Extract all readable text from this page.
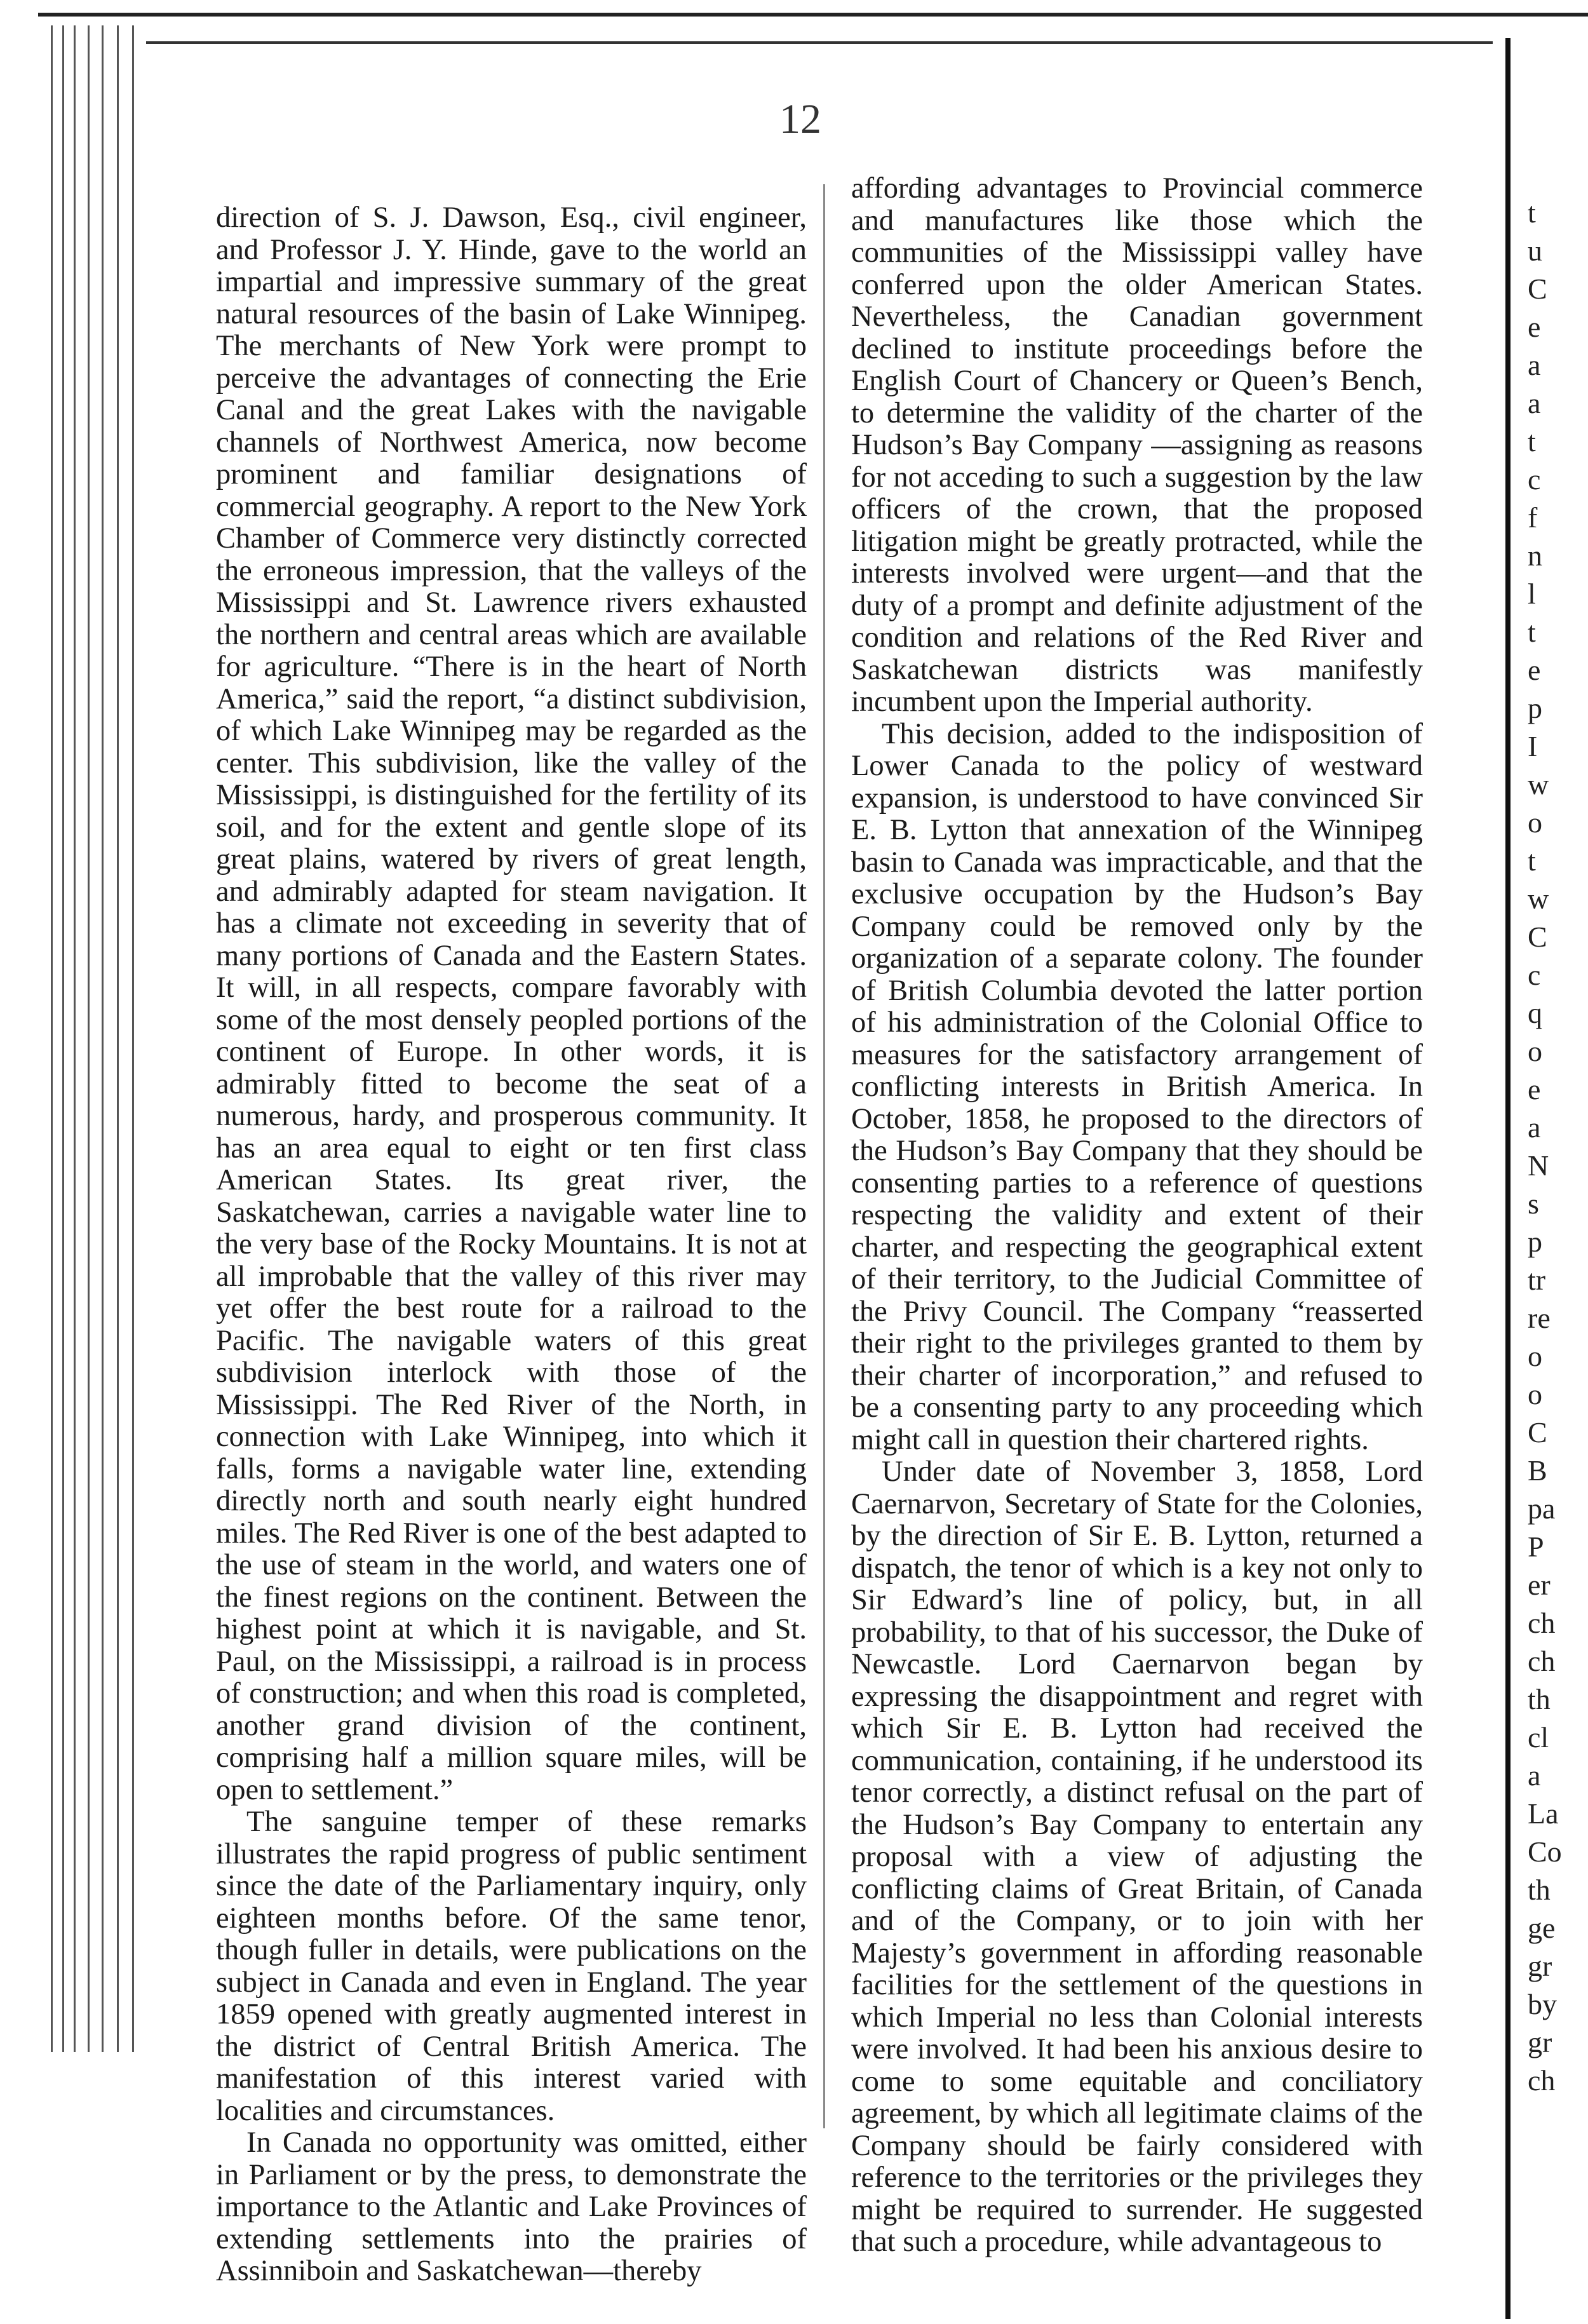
t
u
C
e
a
a
t
c
f
n
l
t
e
p
I
w
o
t
w
C
c
q
o
e
a
N
s
p
tr
re
o
o
C
B
pa
P
er
ch
ch
th
cl
a
La
Co
th
ge
gr
by
gr
ch
12

direction of S. J. Dawson, Esq., civil engineer, and Professor J. Y. Hinde, gave to the world an impartial and impressive summary of the great natural resources of the basin of Lake Winnipeg. The merchants of New York were prompt to perceive the advantages of connecting the Erie Canal and the great Lakes with the navigable channels of Northwest America, now become prominent and familiar designations of commercial geography. A report to the New York Chamber of Commerce very distinctly corrected the erroneous impression, that the valleys of the Mississippi and St. Lawrence rivers exhausted the northern and central areas which are available for agriculture. “There is in the heart of North America,” said the report, “a distinct subdivision, of which Lake Winnipeg may be regarded as the center. This subdivision, like the valley of the Mississippi, is distinguished for the fertility of its soil, and for the extent and gentle slope of its great plains, watered by rivers of great length, and admirably adapted for steam navigation. It has a climate not exceeding in severity that of many portions of Canada and the Eastern States. It will, in all respects, compare favorably with some of the most densely peopled portions of the continent of Europe. In other words, it is admirably fitted to become the seat of a numerous, hardy, and prosperous community. It has an area equal to eight or ten first class American States. Its great river, the Saskatchewan, carries a navigable water line to the very base of the Rocky Mountains. It is not at all improbable that the valley of this river may yet offer the best route for a railroad to the Pacific. The navigable waters of this great subdivision interlock with those of the Mississippi. The Red River of the North, in connection with Lake Winnipeg, into which it falls, forms a navigable water line, extending directly north and south nearly eight hundred miles. The Red River is one of the best adapted to the use of steam in the world, and waters one of the finest regions on the continent. Between the highest point at which it is navigable, and St. Paul, on the Mississippi, a railroad is in process of construction; and when this road is completed, another grand division of the continent, comprising half a million square miles, will be open to settlement.”

The sanguine temper of these remarks illustrates the rapid progress of public sentiment since the date of the Parliamentary inquiry, only eighteen months before. Of the same tenor, though fuller in details, were publications on the subject in Canada and even in England. The year 1859 opened with greatly augmented interest in the district of Central British America. The manifestation of this interest varied with localities and circumstances.

In Canada no opportunity was omitted, either in Parliament or by the press, to demonstrate the importance to the Atlantic and Lake Provinces of extending settlements into the prairies of Assinniboin and Saskatchewan—thereby

affording advantages to Provincial commerce and manufactures like those which the communities of the Mississippi valley have conferred upon the older American States. Nevertheless, the Canadian government declined to institute proceedings before the English Court of Chancery or Queen’s Bench, to determine the validity of the charter of the Hudson’s Bay Company —assigning as reasons for not acceding to such a suggestion by the law officers of the crown, that the proposed litigation might be greatly protracted, while the interests involved were urgent—and that the duty of a prompt and definite adjustment of the condition and relations of the Red River and Saskatchewan districts was manifestly incumbent upon the Imperial authority.

This decision, added to the indisposition of Lower Canada to the policy of westward expansion, is understood to have convinced Sir E. B. Lytton that annexation of the Winnipeg basin to Canada was impracticable, and that the exclusive occupation by the Hudson’s Bay Company could be removed only by the organization of a separate colony. The founder of British Columbia devoted the latter portion of his administration of the Colonial Office to measures for the satisfactory arrangement of conflicting interests in British America. In October, 1858, he proposed to the directors of the Hudson’s Bay Company that they should be consenting parties to a reference of questions respecting the validity and extent of their charter, and respecting the geographical extent of their territory, to the Judicial Committee of the Privy Council. The Company “reasserted their right to the privileges granted to them by their charter of incorporation,” and refused to be a consenting party to any proceeding which might call in question their chartered rights.

Under date of November 3, 1858, Lord Caernarvon, Secretary of State for the Colonies, by the direction of Sir E. B. Lytton, returned a dispatch, the tenor of which is a key not only to Sir Edward’s line of policy, but, in all probability, to that of his successor, the Duke of Newcastle. Lord Caernarvon began by expressing the disappointment and regret with which Sir E. B. Lytton had received the communication, containing, if he understood its tenor correctly, a distinct refusal on the part of the Hudson’s Bay Company to entertain any proposal with a view of adjusting the conflicting claims of Great Britain, of Canada and of the Company, or to join with her Majesty’s government in affording reasonable facilities for the settlement of the questions in which Imperial no less than Colonial interests were involved. It had been his anxious desire to come to some equitable and conciliatory agreement, by which all legitimate claims of the Company should be fairly considered with reference to the territories or the privileges they might be required to surrender. He suggested that such a procedure, while advantageous to
